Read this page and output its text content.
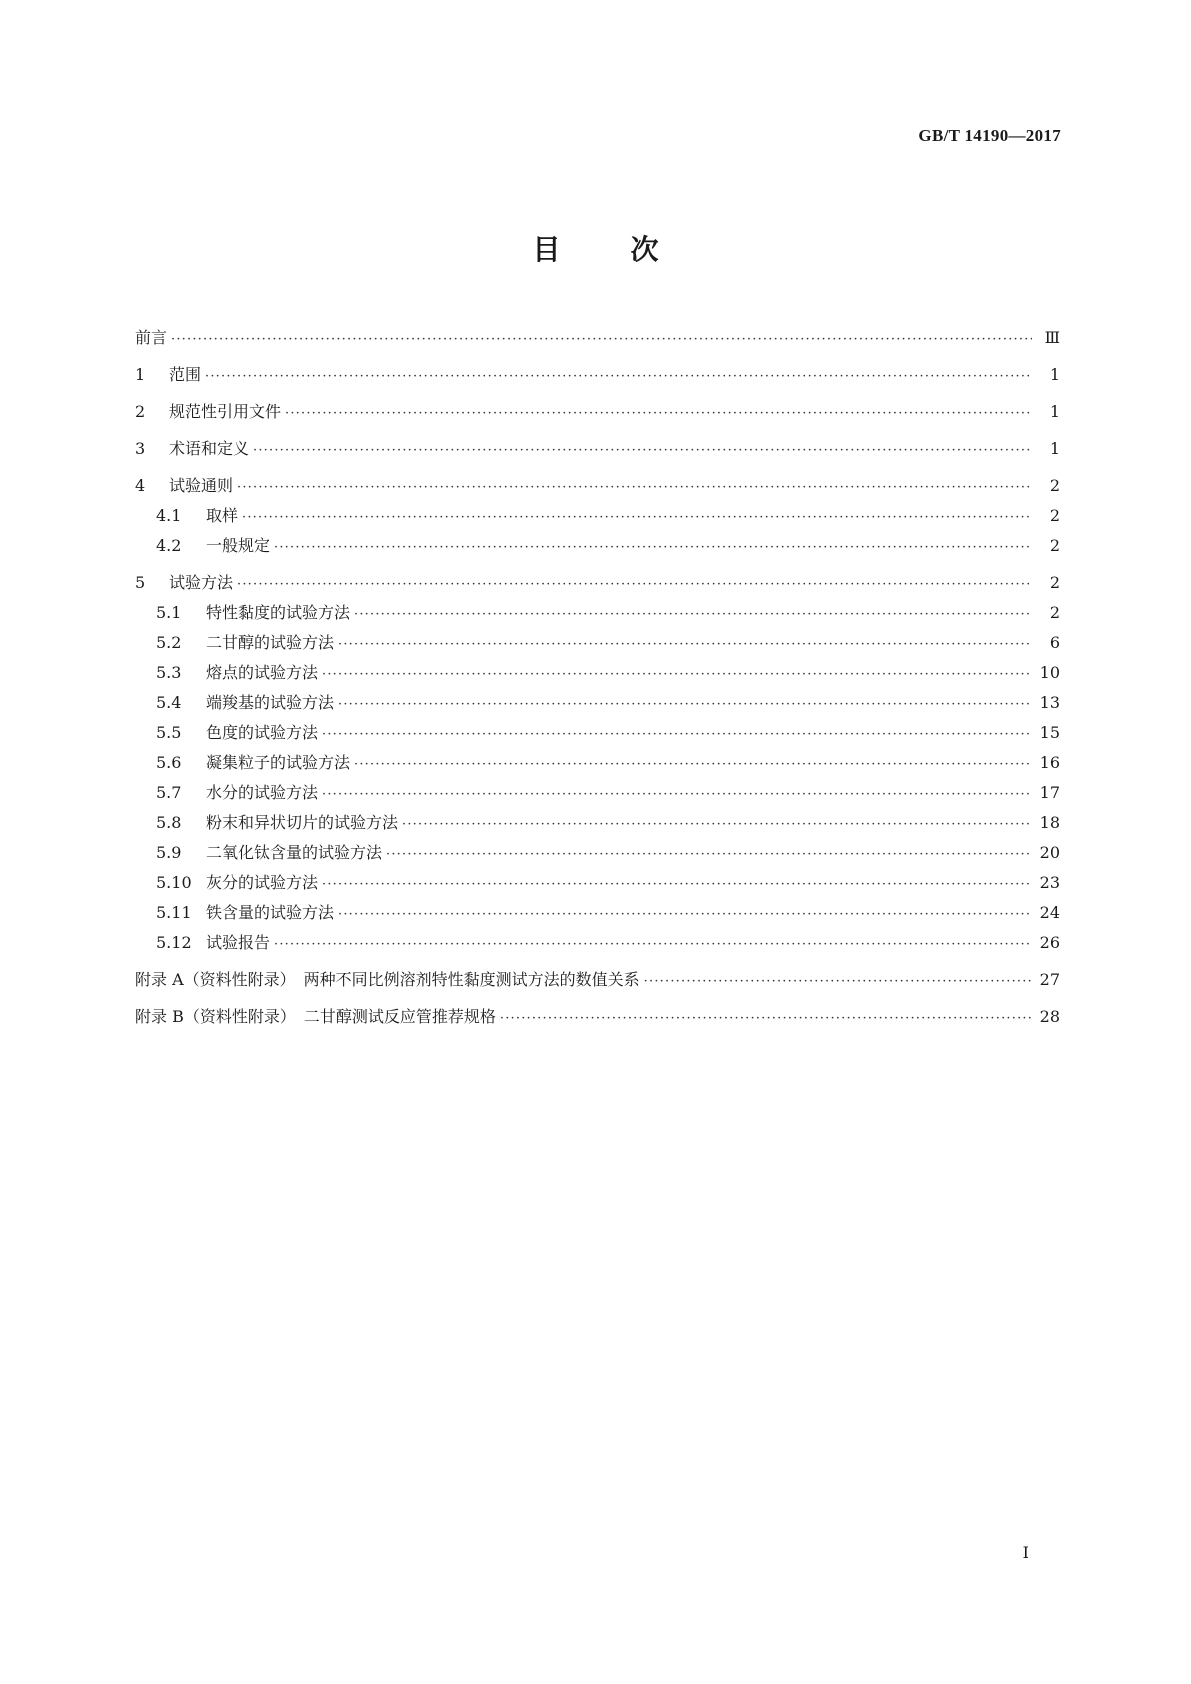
GB/T 14190—2017
目	次
前言 ·····	Ⅲ
1	范围 ·····	1
2	规范性引用文件 ·····	1
3	术语和定义 ·····	1
4	试验通则 ·····	2
4.1	取样 ·····	2
4.2	一般规定 ·····	2
5	试验方法 ·····	2
5.1	特性黏度的试验方法 ·····	2
5.2	二甘醇的试验方法 ·····	6
5.3	熔点的试验方法 ·····	10
5.4	端羧基的试验方法 ·····	13
5.5	色度的试验方法 ·····	15
5.6	凝集粒子的试验方法 ·····	16
5.7	水分的试验方法 ·····	17
5.8	粉末和异状切片的试验方法 ·····	18
5.9	二氧化钛含量的试验方法 ·····	20
5.10 灰分的试验方法 ·····	23
5.11 铁含量的试验方法 ·····	24
5.12 试验报告 ·····	26
附录 A（资料性附录）　两种不同比例溶剂特性黏度测试方法的数值关系 ·····	27
附录 B（资料性附录）　二甘醇测试反应管推荐规格 ·····	28
I
